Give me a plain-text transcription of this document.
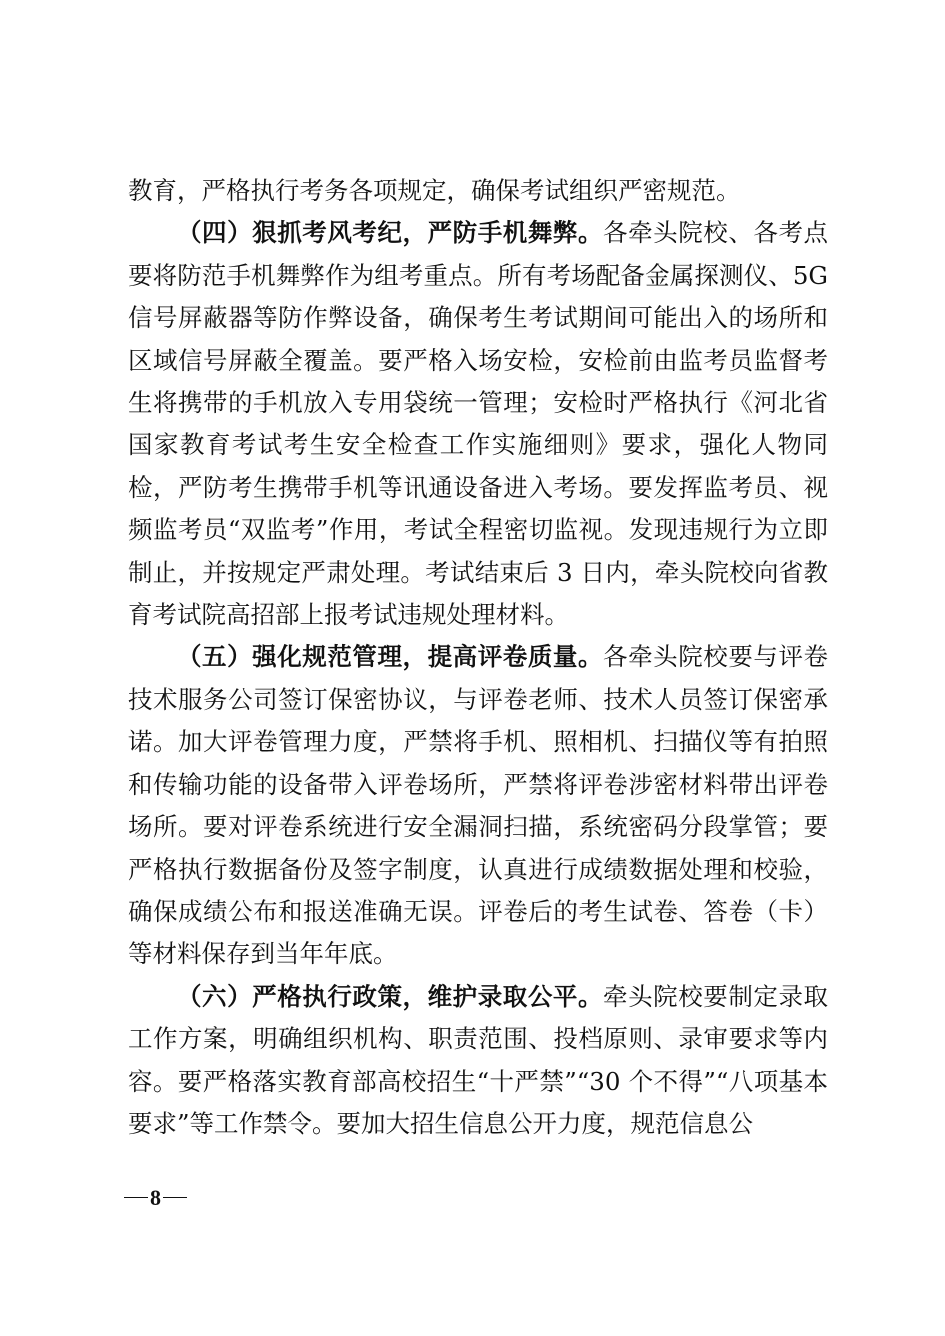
教育，严格执行考务各项规定，确保考试组织严密规范。

（四）狠抓考风考纪，严防手机舞弊。各牵头院校、各考点要将防范手机舞弊作为组考重点。所有考场配备金属探测仪、5G信号屏蔽器等防作弊设备，确保考生考试期间可能出入的场所和区域信号屏蔽全覆盖。要严格入场安检，安检前由监考员监督考生将携带的手机放入专用袋统一管理；安检时严格执行《河北省国家教育考试考生安全检查工作实施细则》要求，强化人物同检，严防考生携带手机等讯通设备进入考场。要发挥监考员、视频监考员“双监考”作用，考试全程密切监视。发现违规行为立即制止，并按规定严肃处理。考试结束后 3 日内，牵头院校向省教育考试院高招部上报考试违规处理材料。

（五）强化规范管理，提高评卷质量。各牵头院校要与评卷技术服务公司签订保密协议，与评卷老师、技术人员签订保密承诺。加大评卷管理力度，严禁将手机、照相机、扫描仪等有拍照和传输功能的设备带入评卷场所，严禁将评卷涉密材料带出评卷场所。要对评卷系统进行安全漏洞扫描，系统密码分段掌管；要严格执行数据备份及签字制度，认真进行成绩数据处理和校验，确保成绩公布和报送准确无误。评卷后的考生试卷、答卷（卡）等材料保存到当年年底。

（六）严格执行政策，维护录取公平。牵头院校要制定录取工作方案，明确组织机构、职责范围、投档原则、录审要求等内容。要严格落实教育部高校招生“十严禁”“30 个不得”“八项基本要求”等工作禁令。要加大招生信息公开力度，规范信息公

8
